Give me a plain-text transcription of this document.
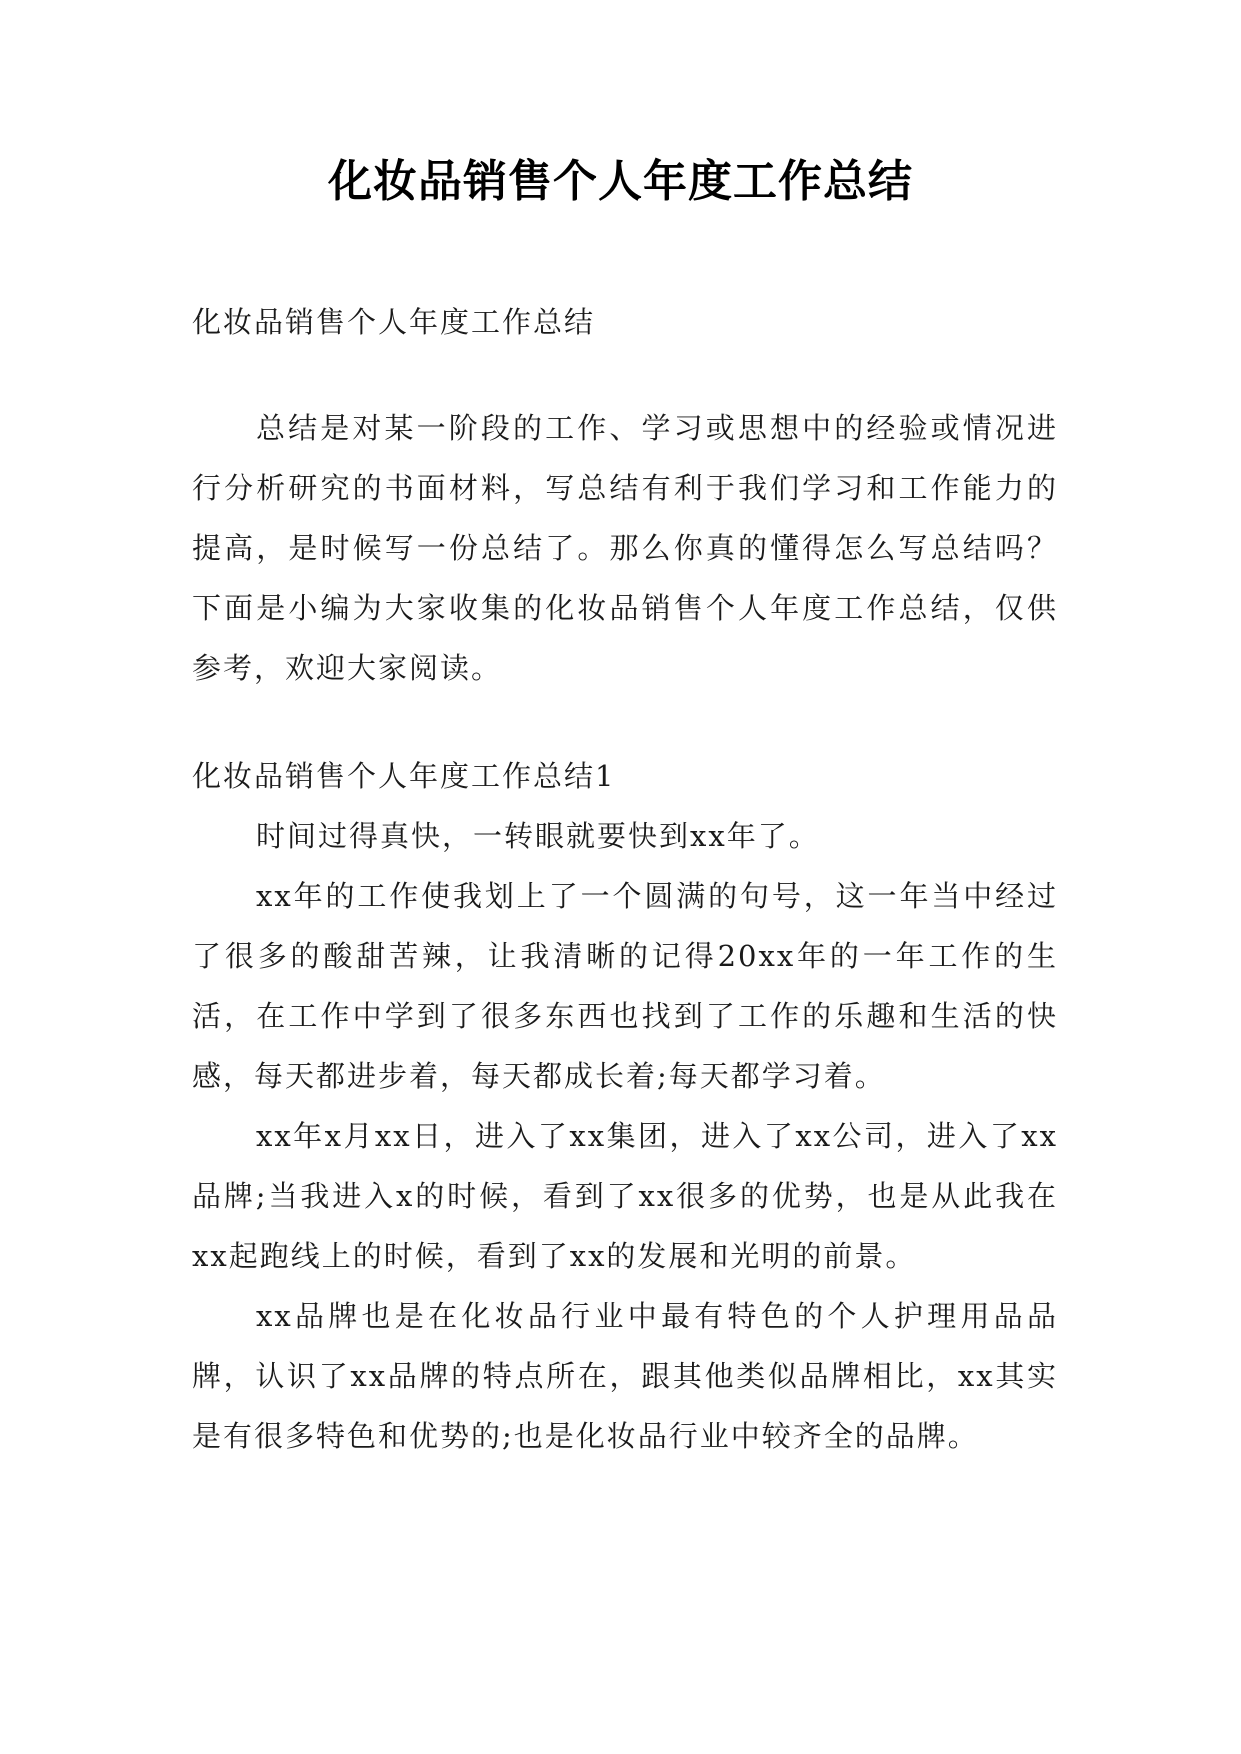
化妆品销售个人年度工作总结

化妆品销售个人年度工作总结

总结是对某一阶段的工作、学习或思想中的经验或情况进行分析研究的书面材料，写总结有利于我们学习和工作能力的提高，是时候写一份总结了。那么你真的懂得怎么写总结吗？下面是小编为大家收集的化妆品销售个人年度工作总结，仅供参考，欢迎大家阅读。

化妆品销售个人年度工作总结1

时间过得真快，一转眼就要快到xx年了。

xx年的工作使我划上了一个圆满的句号，这一年当中经过了很多的酸甜苦辣，让我清晰的记得20xx年的一年工作的生活，在工作中学到了很多东西也找到了工作的乐趣和生活的快感，每天都进步着，每天都成长着;每天都学习着。

xx年x月xx日，进入了xx集团，进入了xx公司，进入了xx品牌;当我进入x的时候，看到了xx很多的优势，也是从此我在xx起跑线上的时候，看到了xx的发展和光明的前景。

xx品牌也是在化妆品行业中最有特色的个人护理用品品牌，认识了xx品牌的特点所在，跟其他类似品牌相比，xx其实是有很多特色和优势的;也是化妆品行业中较齐全的品牌。
